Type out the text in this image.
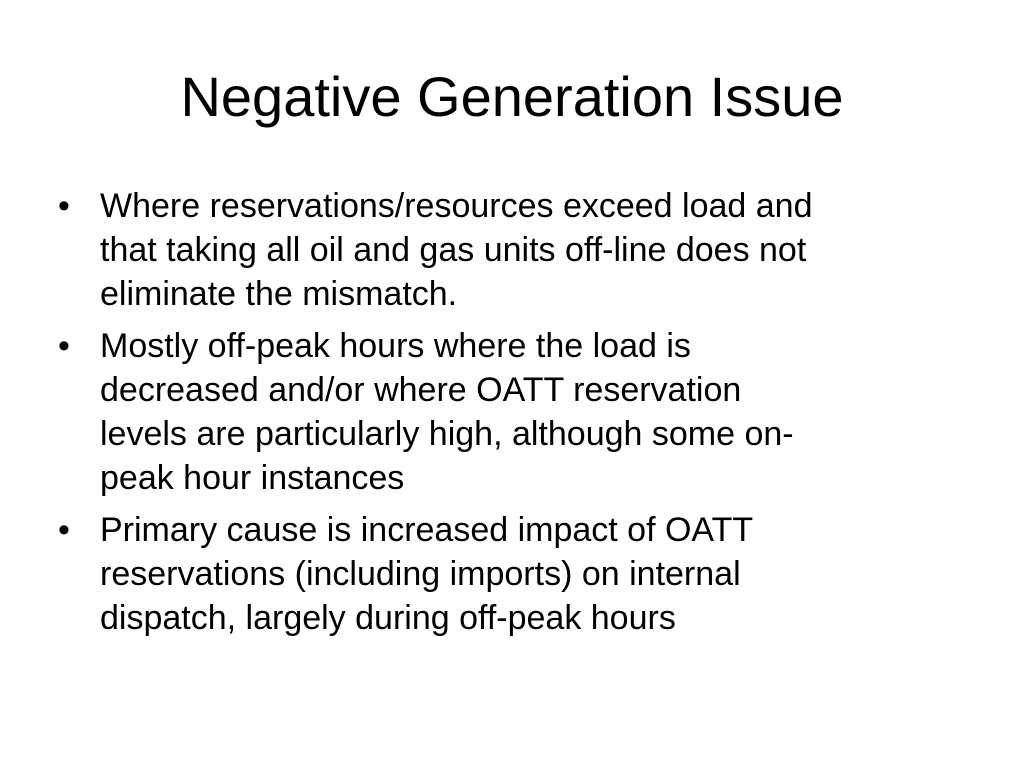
Negative Generation Issue
• Where reservations/resources exceed load and
that taking all oil and gas units off-line does not
eliminate the mismatch.
• Mostly off-peak hours where the load is
decreased and/or where OATT reservation
levels are particularly high, although some on-
peak hour instances
• Primary cause is increased impact of OATT
reservations (including imports) on internal
dispatch, largely during off-peak hours
